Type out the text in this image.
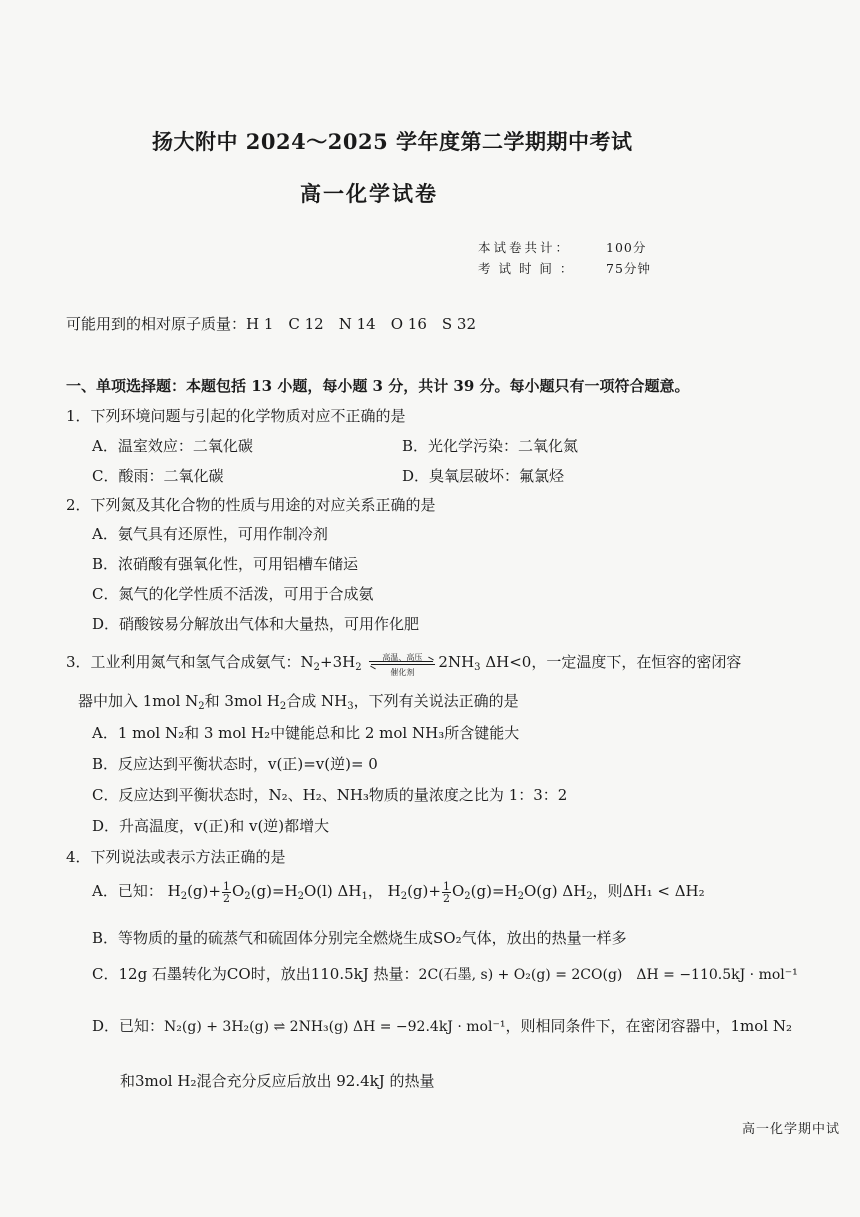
扬大附中 2024～2025 学年度第二学期期中考试
高一化学试卷
本试卷共计：	100分
考 试 时 间 ：	75分钟
可能用到的相对原子质量：H 1　C 12　N 14　O 16　S 32
一、单项选择题：本题包括 13 小题，每小题 3 分，共计 39 分。每小题只有一项符合题意。
1．下列环境问题与引起的化学物质对应不正确的是
A．温室效应：二氧化碳	B．光化学污染：二氧化氮
C．酸雨：二氧化碳	D．臭氧层破坏：氟氯烃
2．下列氮及其化合物的性质与用途的对应关系正确的是
A．氨气具有还原性，可用作制冷剂
B．浓硝酸有强氧化性，可用铝槽车储运
C．氮气的化学性质不活泼，可用于合成氨
D．硝酸铵易分解放出气体和大量热，可用作化肥
3．工业利用氮气和氢气合成氨气：$N_2+3H_2$
高温、高压
催化剂
$2NH_3$ ΔH<0，一定温度下，在恒容的密闭容
器中加入 1mol $N_2$和 3mol $H_2$合成 $NH_3$，下列有关说法正确的是
A．1 mol N₂和 3 mol H₂中键能总和比 2 mol NH₃所含键能大
B．反应达到平衡状态时，v(正)=v(逆)= 0
C．反应达到平衡状态时，N₂、H₂、NH₃物质的量浓度之比为 1：3：2
D．升高温度，v(正)和 v(逆)都增大
4．下列说法或表示方法正确的是
A．已知： $H_2(g)+ \frac{1}{2} O_2(g)=H_2O(l)$ $\Delta H_1$， $H_2(g)+ \frac{1}{2} O_2(g)=H_2O(g)$ $\Delta H_2$，则ΔH₁ < ΔH₂
B．等物质的量的硫蒸气和硫固体分别完全燃烧生成SO₂气体，放出的热量一样多
C．12g 石墨转化为CO时，放出110.5kJ 热量：2C(石墨, s) + O₂(g) = 2CO(g)　ΔH = −110.5kJ · mol⁻¹
D．已知：N₂(g) + 3H₂(g) ⇌ 2NH₃(g) ΔH = −92.4kJ · mol⁻¹，则相同条件下，在密闭容器中，1mol N₂
和3mol H₂混合充分反应后放出 92.4kJ 的热量
高一化学期中试
